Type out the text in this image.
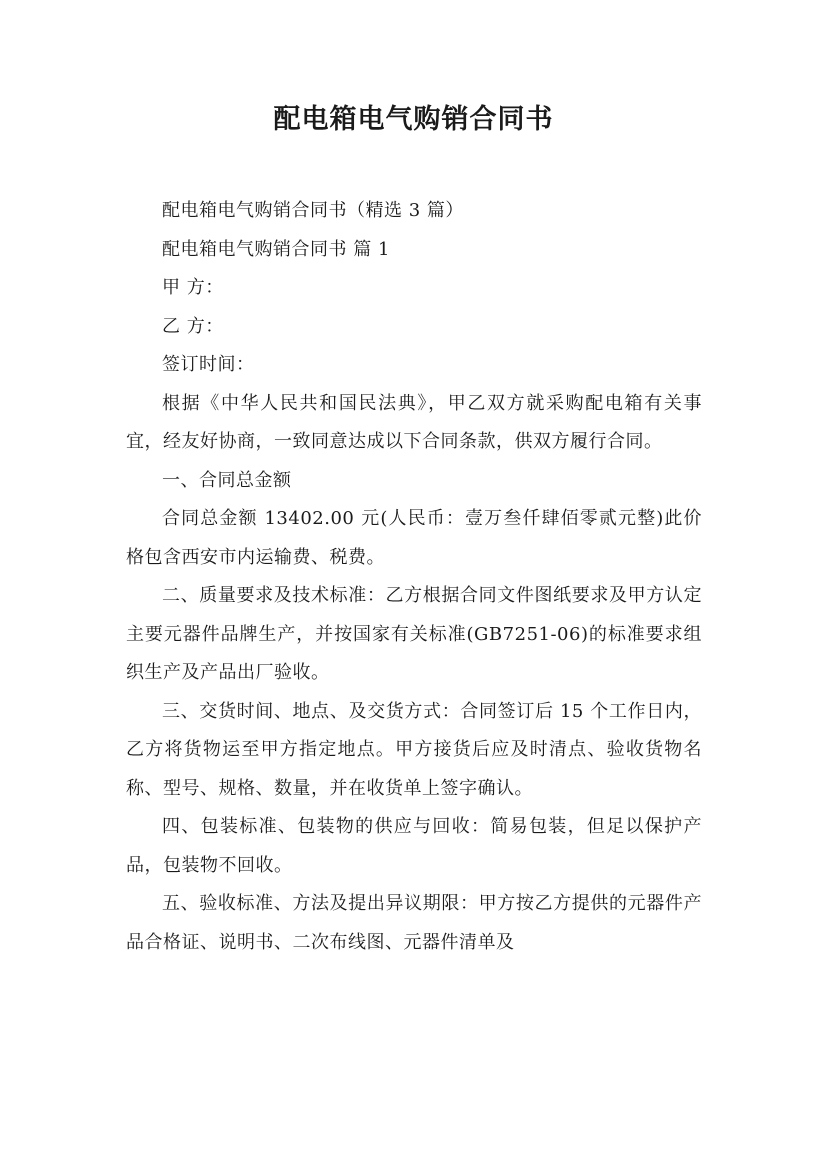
配电箱电气购销合同书

配电箱电气购销合同书（精选 3 篇）

配电箱电气购销合同书 篇 1

甲 方：

乙 方：

签订时间：

根据《中华人民共和国民法典》，甲乙双方就采购配电箱有关事宜，经友好协商，一致同意达成以下合同条款，供双方履行合同。

一、合同总金额

合同总金额 13402.00 元(人民币：壹万叁仟肆佰零贰元整)此价格包含西安市内运输费、税费。

二、质量要求及技术标准：乙方根据合同文件图纸要求及甲方认定主要元器件品牌生产，并按国家有关标准(GB7251-06)的标准要求组织生产及产品出厂验收。

三、交货时间、地点、及交货方式：合同签订后 15 个工作日内，乙方将货物运至甲方指定地点。甲方接货后应及时清点、验收货物名称、型号、规格、数量，并在收货单上签字确认。

四、包装标准、包装物的供应与回收：简易包装，但足以保护产品，包装物不回收。

五、验收标准、方法及提出异议期限：甲方按乙方提供的元器件产品合格证、说明书、二次布线图、元器件清单及
